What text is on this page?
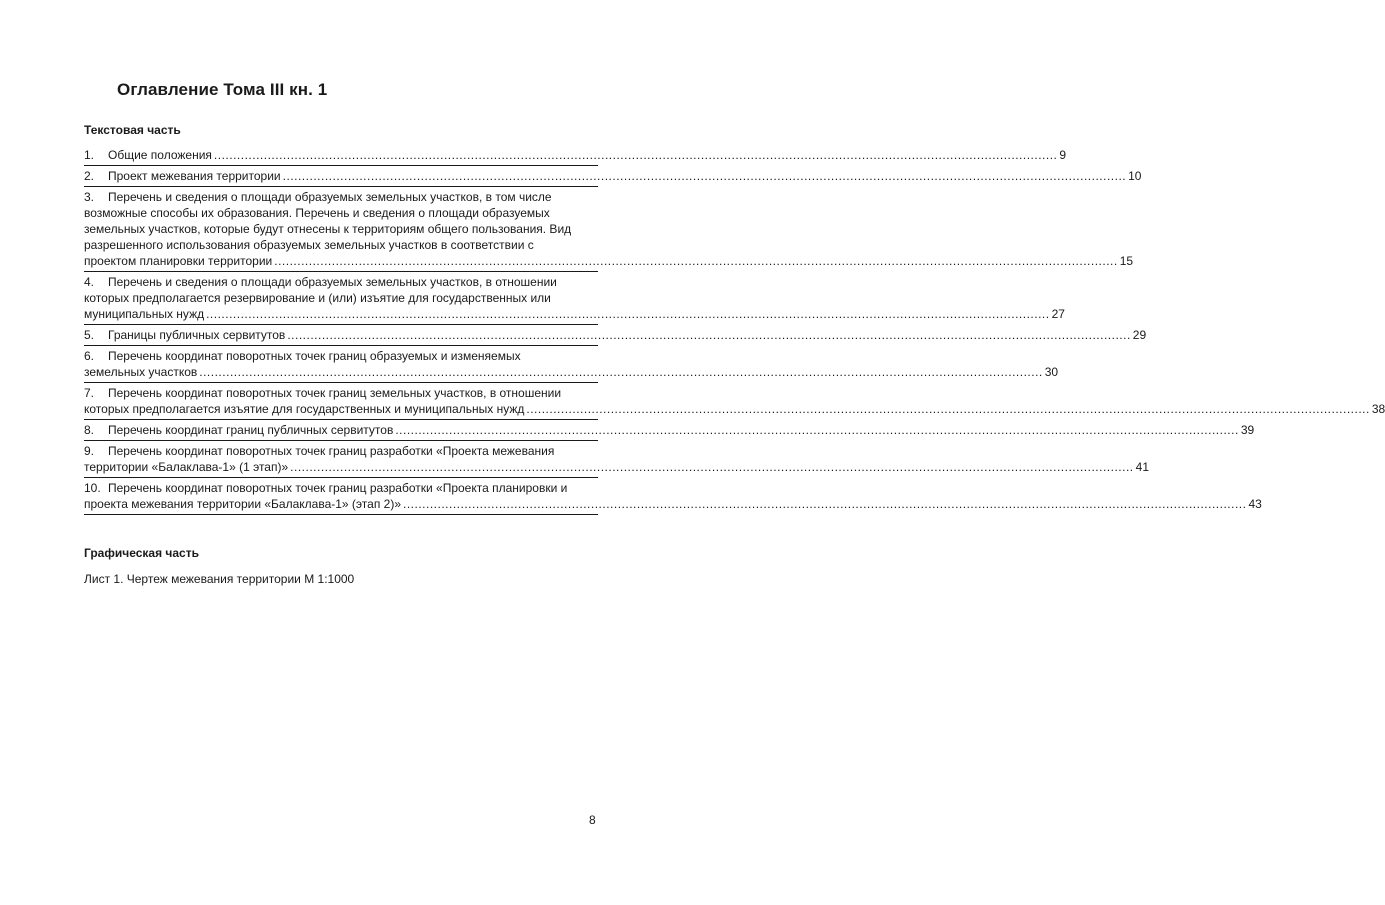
Оглавление Тома III кн. 1
Текстовая часть
1. Общие положения .....	9
2. Проект межевания территории .....	10
3. Перечень и сведения о площади образуемых земельных участков, в том числе
возможные способы их образования. Перечень и сведения о площади образуемых
земельных участков, которые будут отнесены к территориям общего пользования. Вид
разрешенного использования образуемых земельных участков в соответствии с
проектом планировки территории .....	15
4. Перечень и сведения о площади образуемых земельных участков, в отношении
которых предполагается резервирование и (или) изъятие для государственных или
муниципальных нужд .....	27
5. Границы публичных сервитутов .....	29
6. Перечень координат поворотных точек границ образуемых и изменяемых
земельных участков .....	30
7. Перечень координат поворотных точек границ земельных участков, в отношении
которых предполагается изъятие для государственных и муниципальных нужд .....	38
8. Перечень координат границ публичных сервитутов .....	39
9. Перечень координат поворотных точек границ разработки «Проекта межевания
территории «Балаклава-1» (1 этап)» .....	41
10. Перечень координат поворотных точек границ разработки «Проекта планировки и
проекта межевания территории «Балаклава-1» (этап 2)» .....	43
Графическая часть
Лист 1. Чертеж межевания территории М 1:1000
8
